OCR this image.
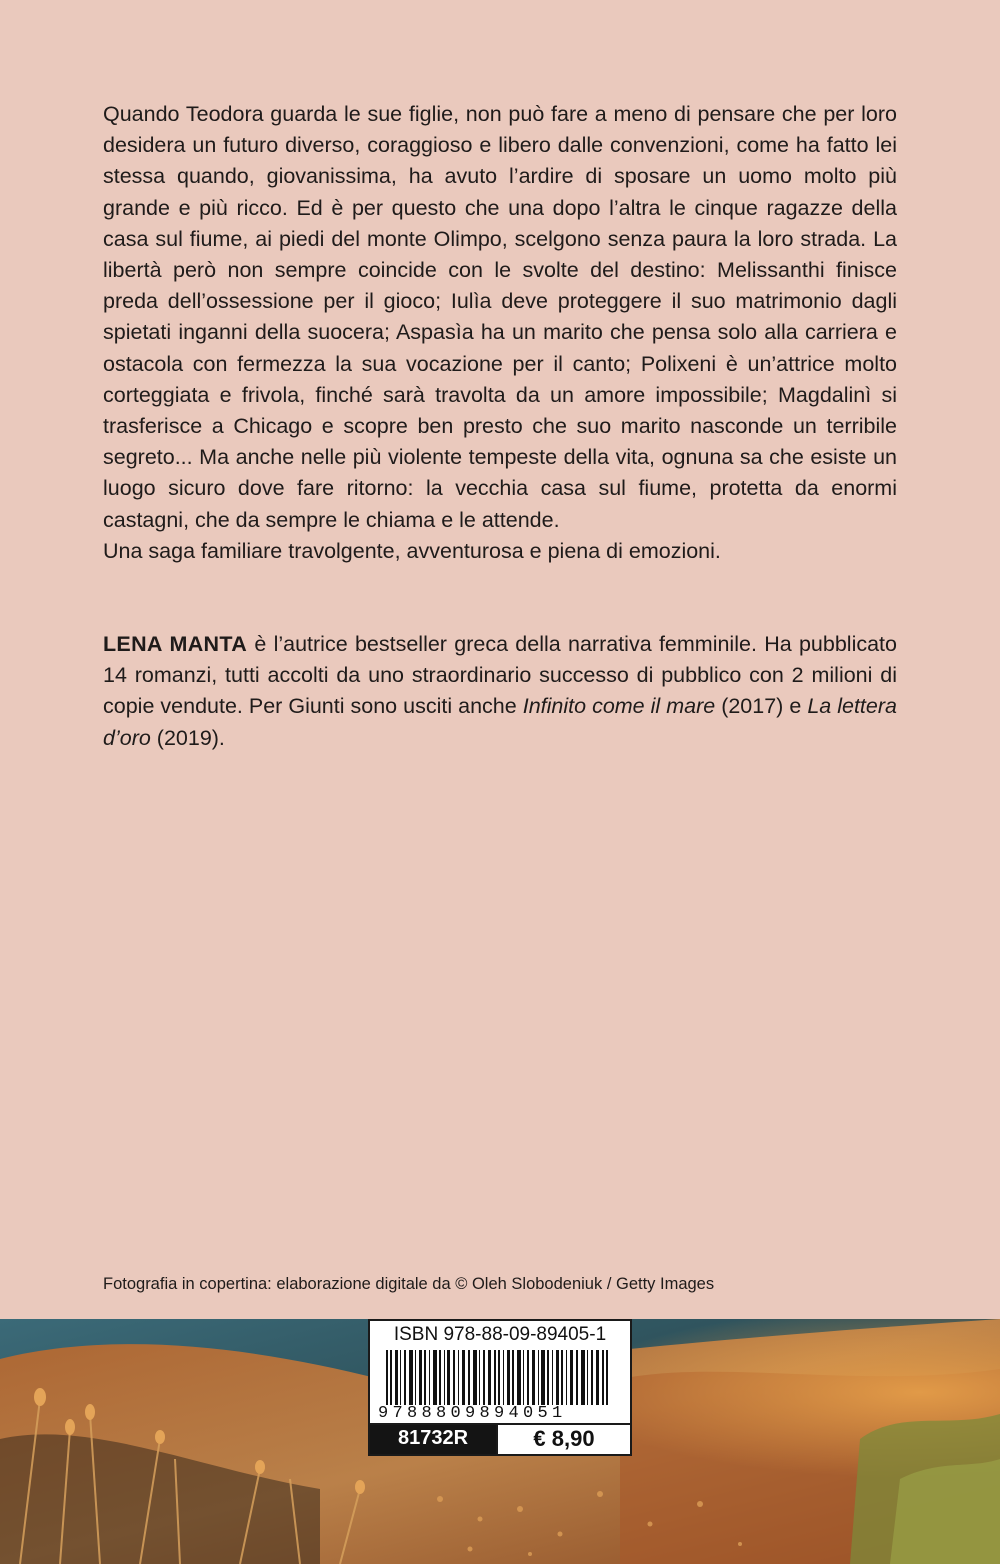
Quando Teodora guarda le sue figlie, non può fare a meno di pensare che per loro desidera un futuro diverso, coraggioso e libero dalle convenzioni, come ha fatto lei stessa quando, giovanissima, ha avuto l’ardire di sposare un uomo molto più grande e più ricco. Ed è per questo che una dopo l’altra le cinque ragazze della casa sul fiume, ai piedi del monte Olimpo, scelgono senza paura la loro strada. La libertà però non sempre coincide con le svolte del destino: Melissanthi finisce preda dell’ossessione per il gioco; Iulìa deve proteggere il suo matrimonio dagli spietati inganni della suocera; Aspasìa ha un marito che pensa solo alla carriera e ostacola con fermezza la sua vocazione per il canto; Polixeni è un’attrice molto corteggiata e frivola, finché sarà travolta da un amore impossibile; Magdalinì si trasferisce a Chicago e scopre ben presto che suo marito nasconde un terribile segreto... Ma anche nelle più violente tempeste della vita, ognuna sa che esiste un luogo sicuro dove fare ritorno: la vecchia casa sul fiume, protetta da enormi castagni, che da sempre le chiama e le attende.

Una saga familiare travolgente, avventurosa e piena di emozioni.

LENA MANTA è l’autrice bestseller greca della narrativa femminile. Ha pubblicato 14 romanzi, tutti accolti da uno straordinario successo di pubblico con 2 milioni di copie vendute. Per Giunti sono usciti anche Infinito come il mare (2017) e La lettera d’oro (2019).
Fotografia in copertina: elaborazione digitale da © Oleh Slobodeniuk / Getty Images
ISBN 978-88-09-89405-1
9788809894051
81732R	€ 8,90
